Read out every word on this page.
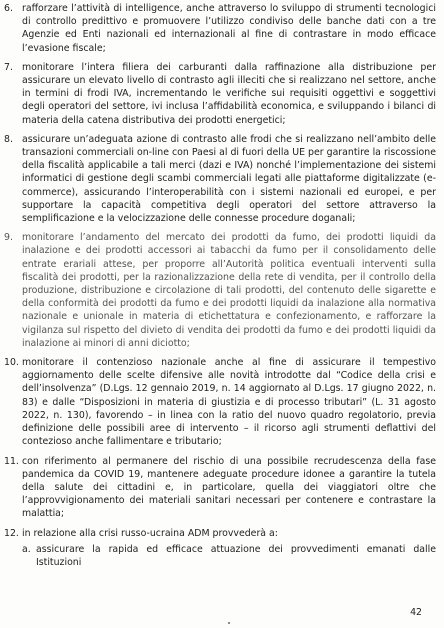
6. rafforzare l’attività di intelligence, anche attraverso lo sviluppo di strumenti tecnologici di controllo predittivo e promuovere l’utilizzo condiviso delle banche dati con a tre Agenzie ed Enti nazionali ed internazionali al fine di contrastare in modo efficace l’evasione fiscale;
7. monitorare l’intera filiera dei carburanti dalla raffinazione alla distribuzione per assicurare un elevato livello di contrasto agli illeciti che si realizzano nel settore, anche in termini di frodi IVA, incrementando le verifiche sui requisiti oggettivi e soggettivi degli operatori del settore, ivi inclusa l’affidabilità economica, e sviluppando i bilanci di materia della catena distributiva dei prodotti energetici;
8. assicurare un’adeguata azione di contrasto alle frodi che si realizzano nell’ambito delle transazioni commerciali on-line con Paesi al di fuori della UE per garantire la riscossione della fiscalità applicabile a tali merci (dazi e IVA) nonché l’implementazione dei sistemi informatici di gestione degli scambi commerciali legati alle piattaforme digitalizzate (e-commerce), assicurando l’interoperabilità con i sistemi nazionali ed europei, e per supportare la capacità competitiva degli operatori del settore attraverso la semplificazione e la velocizzazione delle connesse procedure doganali;
9. monitorare l’andamento del mercato dei prodotti da fumo, dei prodotti liquidi da inalazione e dei prodotti accessori ai tabacchi da fumo per il consolidamento delle entrate erariali attese, per proporre all’Autorità politica eventuali interventi sulla fiscalità dei prodotti, per la razionalizzazione della rete di vendita, per il controllo della produzione, distribuzione e circolazione di tali prodotti, del contenuto delle sigarette e della conformità dei prodotti da fumo e dei prodotti liquidi da inalazione alla normativa nazionale e unionale in materia di etichettatura e confezionamento, e rafforzare la vigilanza sul rispetto del divieto di vendita dei prodotti da fumo e dei prodotti liquidi da inalazione ai minori di anni diciotto;
10. monitorare il contenzioso nazionale anche al fine di assicurare il tempestivo aggiornamento delle scelte difensive alle novità introdotte dal “Codice della crisi e dell’insolvenza” (D.Lgs. 12 gennaio 2019, n. 14 aggiornato al D.Lgs. 17 giugno 2022, n. 83) e dalle “Disposizioni in materia di giustizia e di processo tributari” (L. 31 agosto 2022, n. 130), favorendo – in linea con la ratio del nuovo quadro regolatorio, previa definizione delle possibili aree di intervento – il ricorso agli strumenti deflattivi del contezioso anche fallimentare e tributario;
11. con riferimento al permanere del rischio di una possibile recrudescenza della fase pandemica da COVID 19, mantenere adeguate procedure idonee a garantire la tutela della salute dei cittadini e, in particolare, quella dei viaggiatori oltre che l’approvvigionamento dei materiali sanitari necessari per contenere e contrastare la malattia;
12. in relazione alla crisi russo-ucraina ADM provvederà a:
a. assicurare la rapida ed efficace attuazione dei provvedimenti emanati dalle Istituzioni
42
